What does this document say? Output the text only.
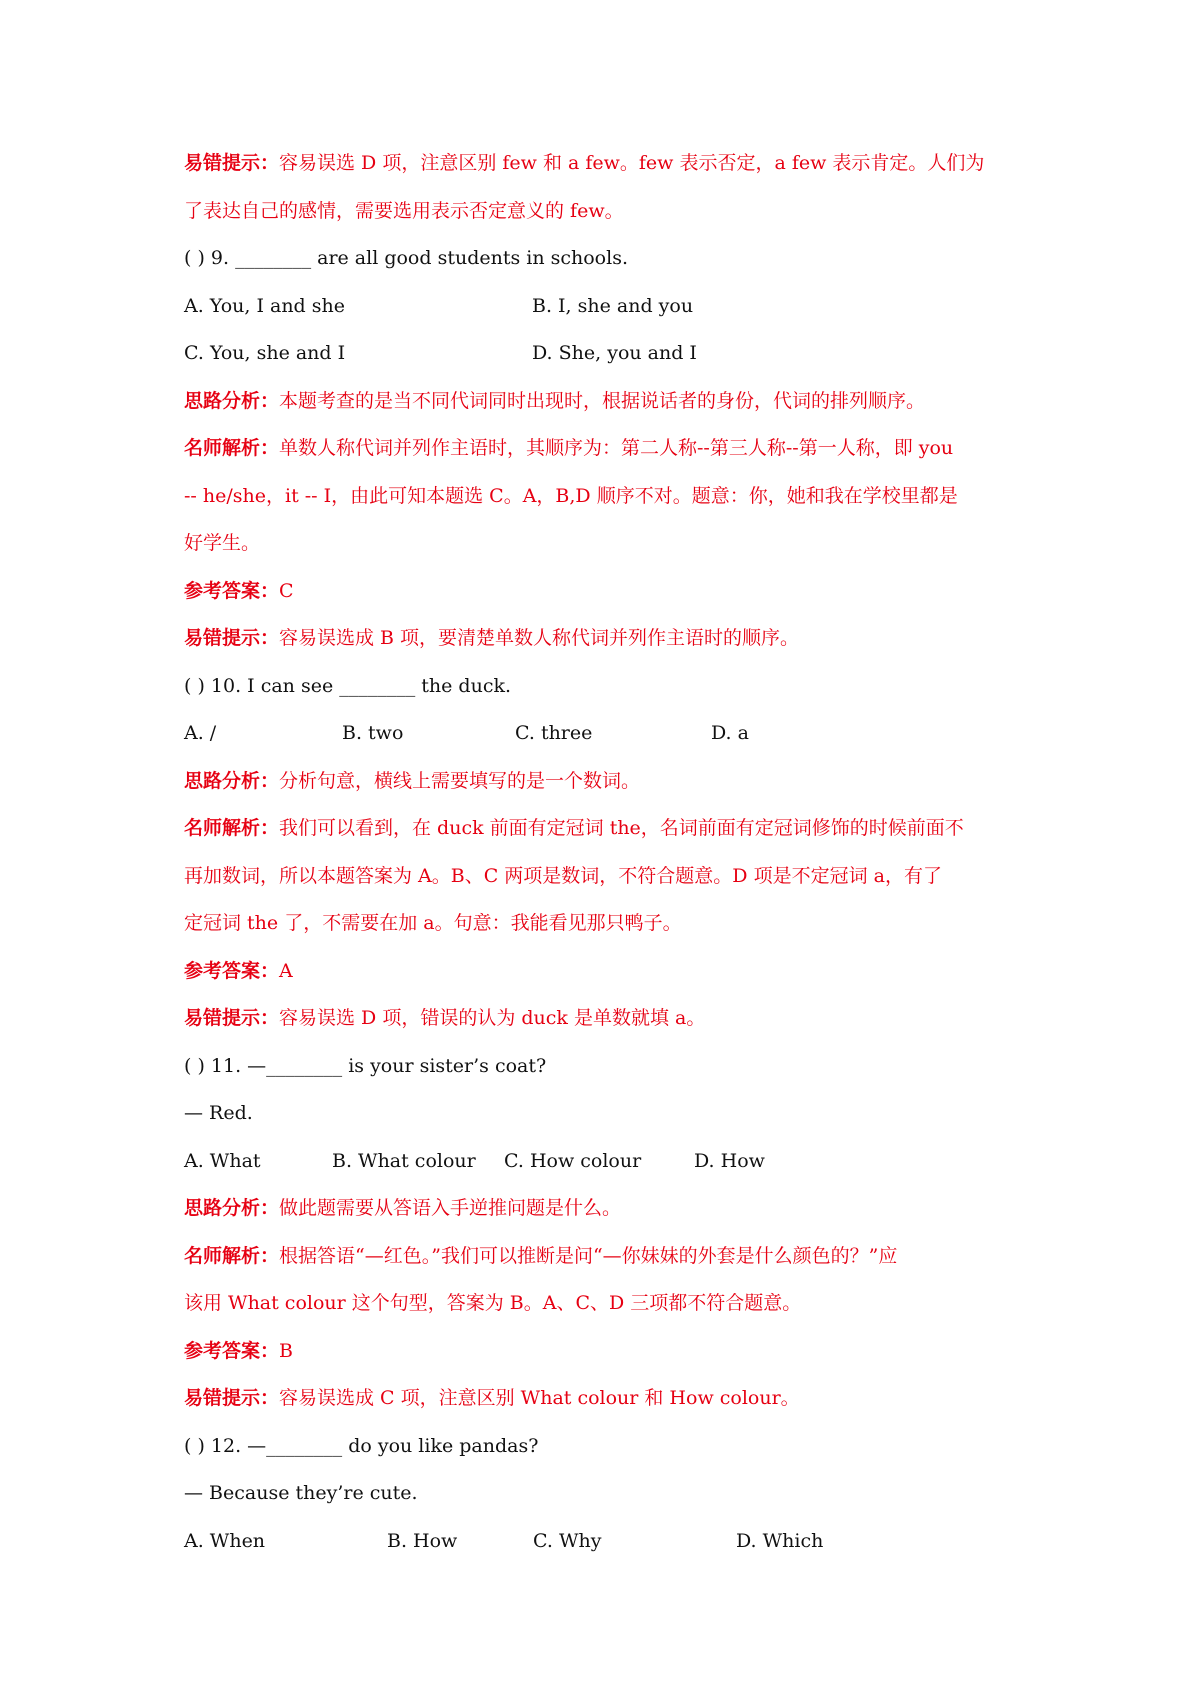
易错提示：容易误选 D 项，注意区别 few 和 a few。few 表示否定，a few 表示肯定。人们为
了表达自己的感情，需要选用表示否定意义的 few。
( ) 9. ________ are all good students in schools.
A. You, I and she	B. I, she and you
C. You, she and I	D. She, you and I
思路分析：本题考查的是当不同代词同时出现时，根据说话者的身份，代词的排列顺序。
名师解析：单数人称代词并列作主语时，其顺序为：第二人称--第三人称--第一人称，即 you
-- he/she，it -- I，由此可知本题选 C。A，B,D 顺序不对。题意：你，她和我在学校里都是
好学生。
参考答案：C
易错提示：容易误选成 B 项，要清楚单数人称代词并列作主语时的顺序。
( ) 10. I can see ________ the duck.
A. /	B. two	C. three	D. a
思路分析：分析句意，横线上需要填写的是一个数词。
名师解析：我们可以看到，在 duck 前面有定冠词 the，名词前面有定冠词修饰的时候前面不
再加数词，所以本题答案为 A。B、C 两项是数词，不符合题意。D 项是不定冠词 a，有了
定冠词 the 了，不需要在加 a。句意：我能看见那只鸭子。
参考答案：A
易错提示：容易误选 D 项，错误的认为 duck 是单数就填 a。
( ) 11. —________ is your sister’s coat?
— Red.
A. What	B. What colour C. How colour	D. How
思路分析：做此题需要从答语入手逆推问题是什么。
名师解析：根据答语“—红色。”我们可以推断是问“—你妹妹的外套是什么颜色的？”应
该用 What colour 这个句型，答案为 B。A、C、D 三项都不符合题意。
参考答案：B
易错提示：容易误选成 C 项，注意区别 What colour 和 How colour。
( ) 12. —________ do you like pandas?
— Because they’re cute.
A. When	B. How	C. Why	D. Which
